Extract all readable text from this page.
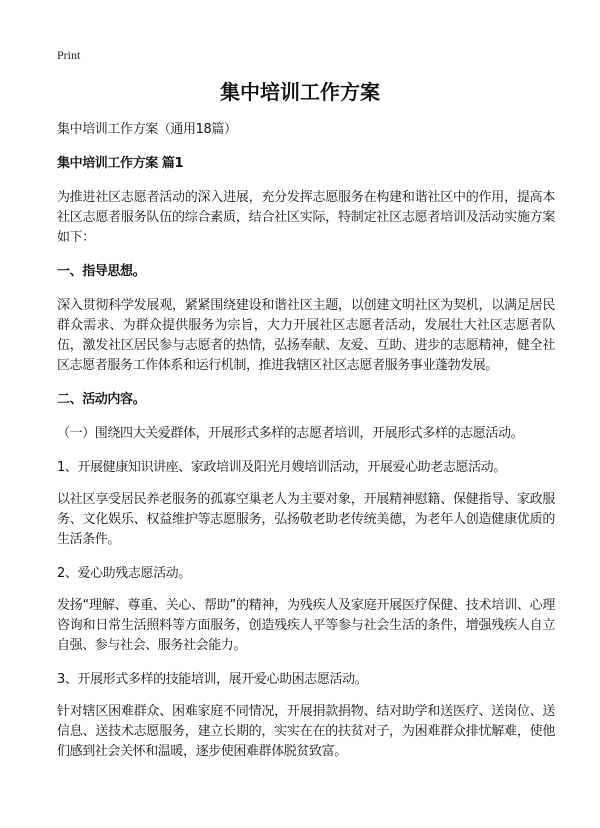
Print
集中培训工作方案

集中培训工作方案（通用18篇）

集中培训工作方案 篇1

为推进社区志愿者活动的深入进展，充分发挥志愿服务在构建和谐社区中的作用，提高本社区志愿者服务队伍的综合素质，结合社区实际，特制定社区志愿者培训及活动实施方案如下：

一、指导思想。

深入贯彻科学发展观，紧紧围绕建设和谐社区主题，以创建文明社区为契机，以满足居民群众需求、为群众提供服务为宗旨，大力开展社区志愿者活动，发展壮大社区志愿者队伍，激发社区居民参与志愿者的热情，弘扬奉献、友爱、互助、进步的志愿精神，健全社区志愿者服务工作体系和运行机制，推进我辖区社区志愿者服务事业蓬勃发展。

二、活动内容。

（一）围绕四大关爱群体，开展形式多样的志愿者培训，开展形式多样的志愿活动。

1、开展健康知识讲座、家政培训及阳光月嫂培训活动，开展爱心助老志愿活动。

以社区享受居民养老服务的孤寡空巢老人为主要对象，开展精神慰籍、保健指导、家政服务、文化娱乐、权益维护等志愿服务，弘扬敬老助老传统美德，为老年人创造健康优质的生活条件。

2、爱心助残志愿活动。

发扬“理解、尊重、关心、帮助”的精神，为残疾人及家庭开展医疗保健、技术培训、心理咨询和日常生活照料等方面服务，创造残疾人平等参与社会生活的条件，增强残疾人自立自强、参与社会、服务社会能力。

3、开展形式多样的技能培训，展开爱心助困志愿活动。

针对辖区困难群众、困难家庭不同情况，开展捐款捐物、结对助学和送医疗、送岗位、送信息、送技术志愿服务，建立长期的，实实在在的扶贫对子，为困难群众排忧解难，使他们感到社会关怀和温暖，逐步使困难群体脱贫致富。
